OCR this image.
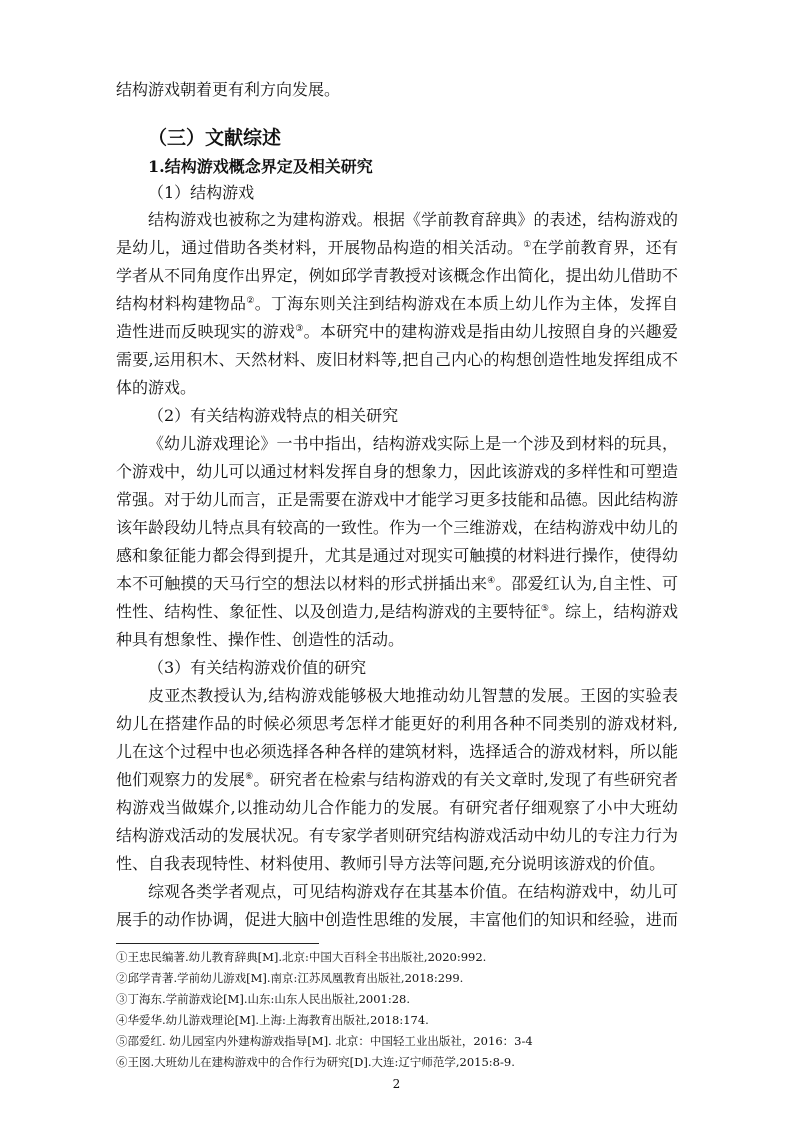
结构游戏朝着更有利方向发展。
（三）文献综述
1.结构游戏概念界定及相关研究
（1）结构游戏
结构游戏也被称之为建构游戏。根据《学前教育辞典》的表述，结构游戏的
是幼儿，通过借助各类材料，开展物品构造的相关活动。①在学前教育界，还有
学者从不同角度作出界定，例如邱学青教授对该概念作出简化，提出幼儿借助不
结构材料构建物品②。丁海东则关注到结构游戏在本质上幼儿作为主体，发挥自
造性进而反映现实的游戏③。本研究中的建构游戏是指由幼儿按照自身的兴趣爱
需要,运用积木、天然材料、废旧材料等,把自己内心的构想创造性地发挥组成不
体的游戏。
（2）有关结构游戏特点的相关研究
《幼儿游戏理论》一书中指出，结构游戏实际上是一个涉及到材料的玩具，
个游戏中，幼儿可以通过材料发挥自身的想象力，因此该游戏的多样性和可塑造
常强。对于幼儿而言，正是需要在游戏中才能学习更多技能和品德。因此结构游
该年龄段幼儿特点具有较高的一致性。作为一个三维游戏，在结构游戏中幼儿的
感和象征能力都会得到提升，尤其是通过对现实可触摸的材料进行操作，使得幼
本不可触摸的天马行空的想法以材料的形式拼插出来④。邵爱红认为,自主性、可
性性、结构性、象征性、以及创造力,是结构游戏的主要特征⑤。综上，结构游戏
种具有想象性、操作性、创造性的活动。
（3）有关结构游戏价值的研究
皮亚杰教授认为,结构游戏能够极大地推动幼儿智慧的发展。王囡的实验表
幼儿在搭建作品的时候必须思考怎样才能更好的利用各种不同类别的游戏材料,
儿在这个过程中也必须选择各种各样的建筑材料，选择适合的游戏材料，所以能
他们观察力的发展⑥。研究者在检索与结构游戏的有关文章时,发现了有些研究者
构游戏当做媒介,以推动幼儿合作能力的发展。有研究者仔细观察了小中大班幼
结构游戏活动的发展状况。有专家学者则研究结构游戏活动中幼儿的专注力行为
性、自我表现特性、材料使用、教师引导方法等问题,充分说明该游戏的价值。
综观各类学者观点，可见结构游戏存在其基本价值。在结构游戏中，幼儿可
展手的动作协调，促进大脑中创造性思维的发展，丰富他们的知识和经验，进而
①王忠民编著.幼儿教育辞典[M].北京:中国大百科全书出版社,2020:992.
②邱学青著.学前幼儿游戏[M].南京:江苏凤凰教育出版社,2018:299.
③丁海东.学前游戏论[M].山东:山东人民出版社,2001:28.
④华爱华.幼儿游戏理论[M].上海:上海教育出版社,2018:174.
⑤邵爱红. 幼儿园室内外建构游戏指导[M]. 北京：中国轻工业出版社，2016：3-4
⑥王囡.大班幼儿在建构游戏中的合作行为研究[D].大连:辽宁师范学,2015:8-9.
2
